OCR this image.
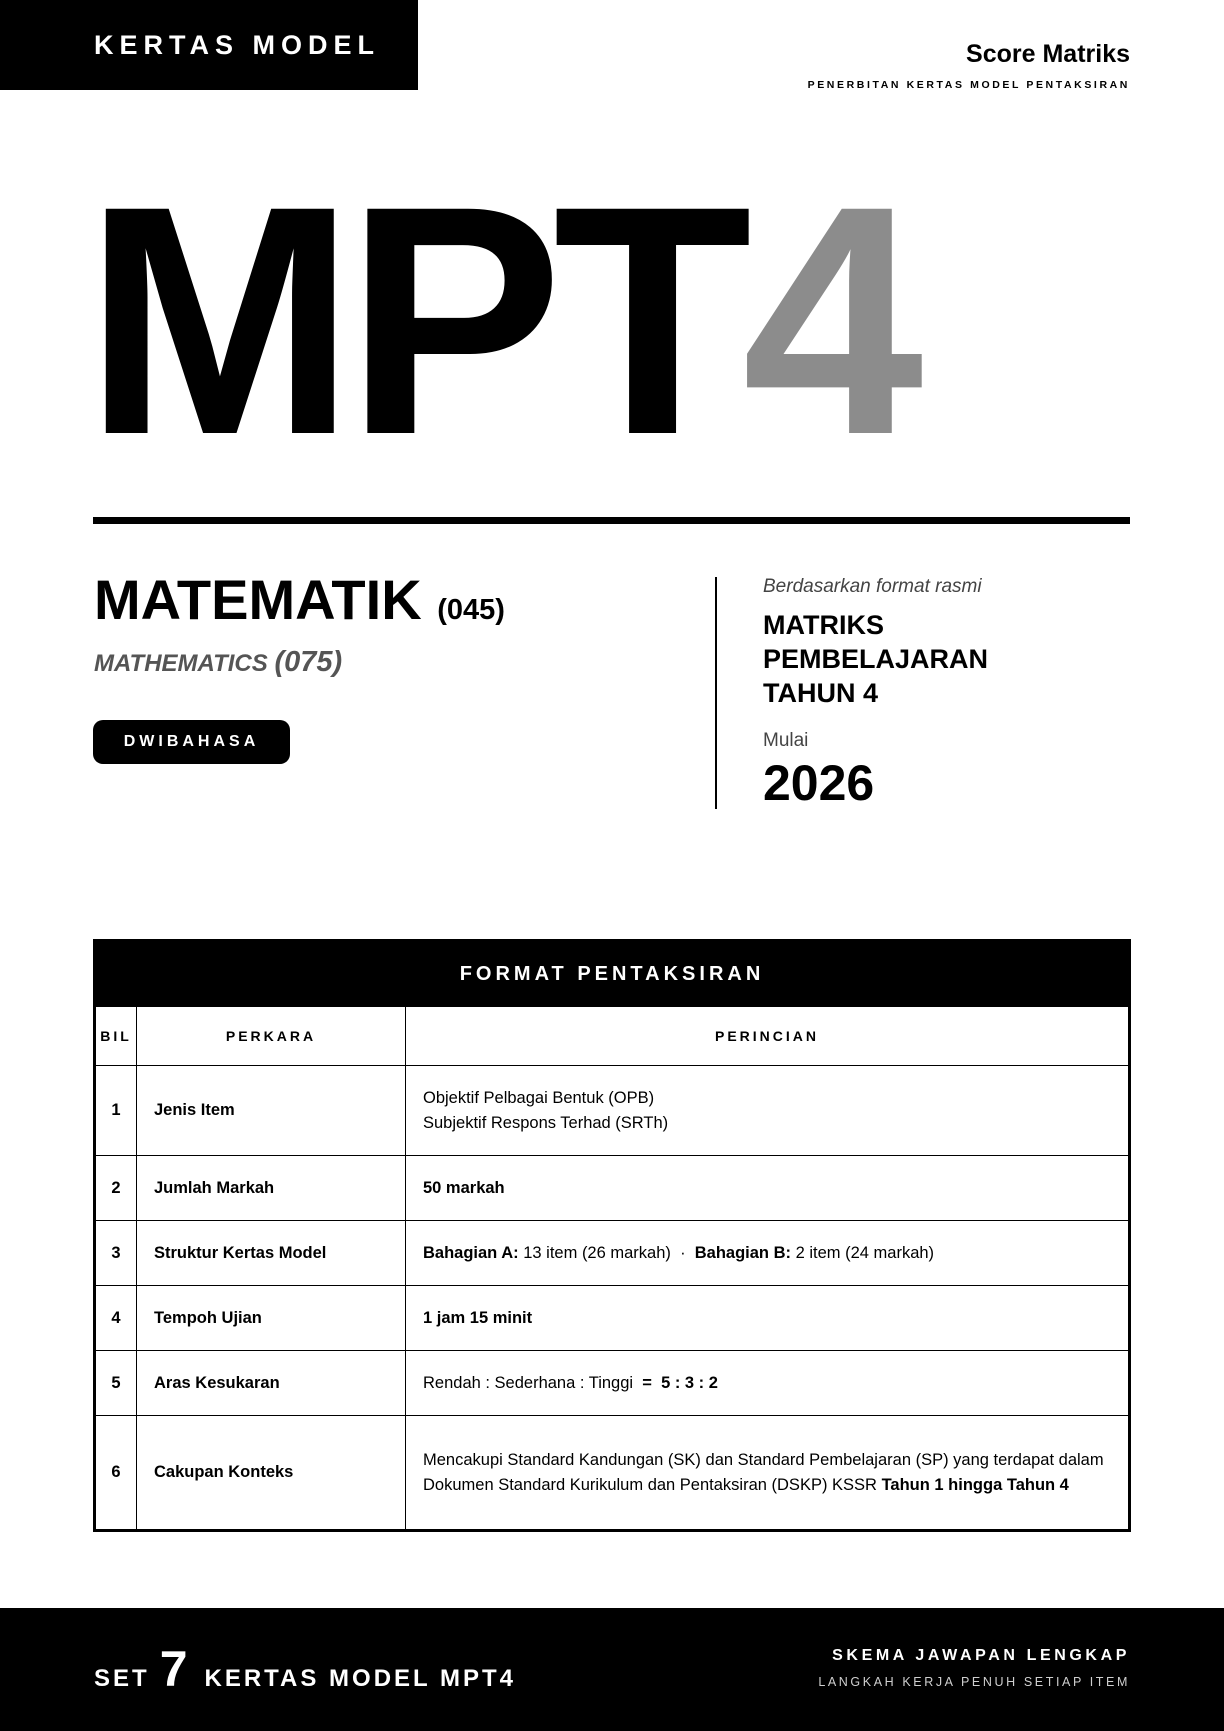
KERTAS MODEL	Score Matriks
PENERBITAN KERTAS MODEL PENTAKSIRAN
MPT4
MATEMATIK (045)
MATHEMATICS (075)
DWIBAHASA
Berdasarkan format rasmi
MATRIKS
PEMBELAJARAN
TAHUN 4
Mulai
2026
FORMAT PENTAKSIRAN		
BIL	PERKARA	PERINCIAN
1	Jenis Item	Objektif Pelbagai Bentuk (OPB)
Subjektif Respons Terhad (SRTh)

2	Jumlah Markah	50 markah
3	Struktur Kertas Model	Bahagian A: 13 item (26 markah) · Bahagian B: 2 item (24 markah)
4	Tempoh Ujian	1 jam 15 minit
5	Aras Kesukaran	Rendah : Sederhana : Tinggi = 5 : 3 : 2
6	Cakupan Konteks	Mencakupi Standard Kandungan (SK) dan Standard Pembelajaran (SP) yang terdapat dalam Dokumen Standard Kurikulum dan Pentaksiran (DSKP) KSSR Tahun 1 hingga Tahun 4
SET 7 KERTAS MODEL MPT4
SKEMA JAWAPAN LENGKAP
LANGKAH KERJA PENUH SETIAP ITEM
